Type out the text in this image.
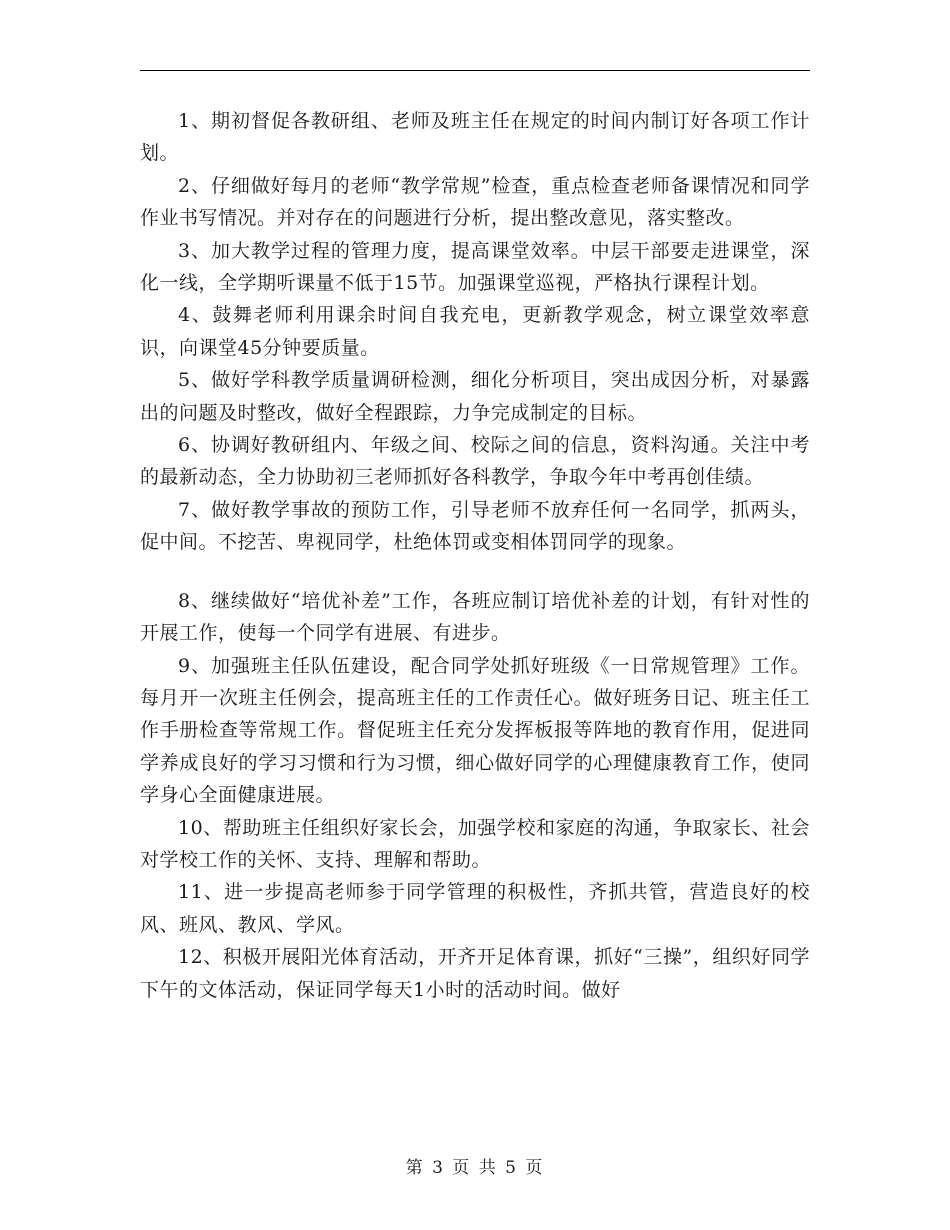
1、期初督促各教研组、老师及班主任在规定的时间内制订好各项工作计划。

2、仔细做好每月的老师“教学常规”检查，重点检查老师备课情况和同学作业书写情况。并对存在的问题进行分析，提出整改意见，落实整改。

3、加大教学过程的管理力度，提高课堂效率。中层干部要走进课堂，深化一线，全学期听课量不低于15节。加强课堂巡视，严格执行课程计划。

4、鼓舞老师利用课余时间自我充电，更新教学观念，树立课堂效率意识，向课堂45分钟要质量。

5、做好学科教学质量调研检测，细化分析项目，突出成因分析，对暴露出的问题及时整改，做好全程跟踪，力争完成制定的目标。

6、协调好教研组内、年级之间、校际之间的信息，资料沟通。关注中考的最新动态，全力协助初三老师抓好各科教学，争取今年中考再创佳绩。

7、做好教学事故的预防工作，引导老师不放弃任何一名同学，抓两头，促中间。不挖苦、卑视同学，杜绝体罚或变相体罚同学的现象。

8、继续做好“培优补差”工作，各班应制订培优补差的计划，有针对性的开展工作，使每一个同学有进展、有进步。

9、加强班主任队伍建设，配合同学处抓好班级《一日常规管理》工作。每月开一次班主任例会，提高班主任的工作责任心。做好班务日记、班主任工作手册检查等常规工作。督促班主任充分发挥板报等阵地的教育作用，促进同学养成良好的学习习惯和行为习惯，细心做好同学的心理健康教育工作，使同学身心全面健康进展。

10、帮助班主任组织好家长会，加强学校和家庭的沟通，争取家长、社会对学校工作的关怀、支持、理解和帮助。

11、进一步提高老师参于同学管理的积极性，齐抓共管，营造良好的校风、班风、教风、学风。

12、积极开展阳光体育活动，开齐开足体育课，抓好“三操”，组织好同学下午的文体活动，保证同学每天1小时的活动时间。做好

第 3 页 共 5 页
